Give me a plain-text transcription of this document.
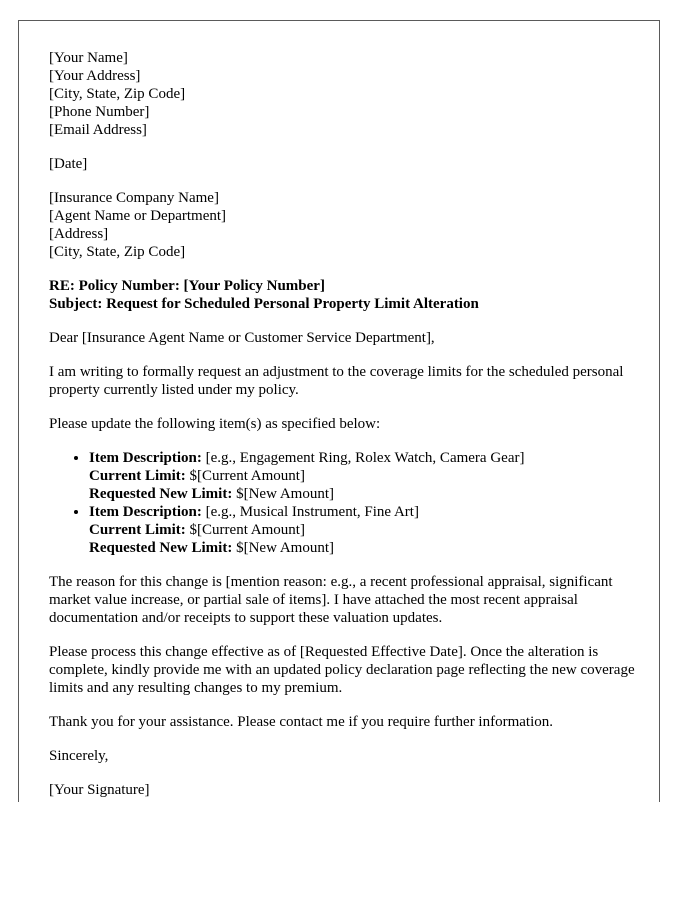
[Your Name]
[Your Address]
[City, State, Zip Code]
[Phone Number]
[Email Address]
[Date]
[Insurance Company Name]
[Agent Name or Department]
[Address]
[City, State, Zip Code]
RE: Policy Number: [Your Policy Number]
Subject: Request for Scheduled Personal Property Limit Alteration

Dear [Insurance Agent Name or Customer Service Department],

I am writing to formally request an adjustment to the coverage limits for the scheduled personal property currently listed under my policy.

Please update the following item(s) as specified below:

• Item Description: [e.g., Engagement Ring, Rolex Watch, Camera Gear]
Current Limit: $[Current Amount]
Requested New Limit: $[New Amount]
• Item Description: [e.g., Musical Instrument, Fine Art]
Current Limit: $[Current Amount]
Requested New Limit: $[New Amount]

The reason for this change is [mention reason: e.g., a recent professional appraisal, significant market value increase, or partial sale of items]. I have attached the most recent appraisal documentation and/or receipts to support these valuation updates.

Please process this change effective as of [Requested Effective Date]. Once the alteration is complete, kindly provide me with an updated policy declaration page reflecting the new coverage limits and any resulting changes to my premium.

Thank you for your assistance. Please contact me if you require further information.

Sincerely,

[Your Signature]
